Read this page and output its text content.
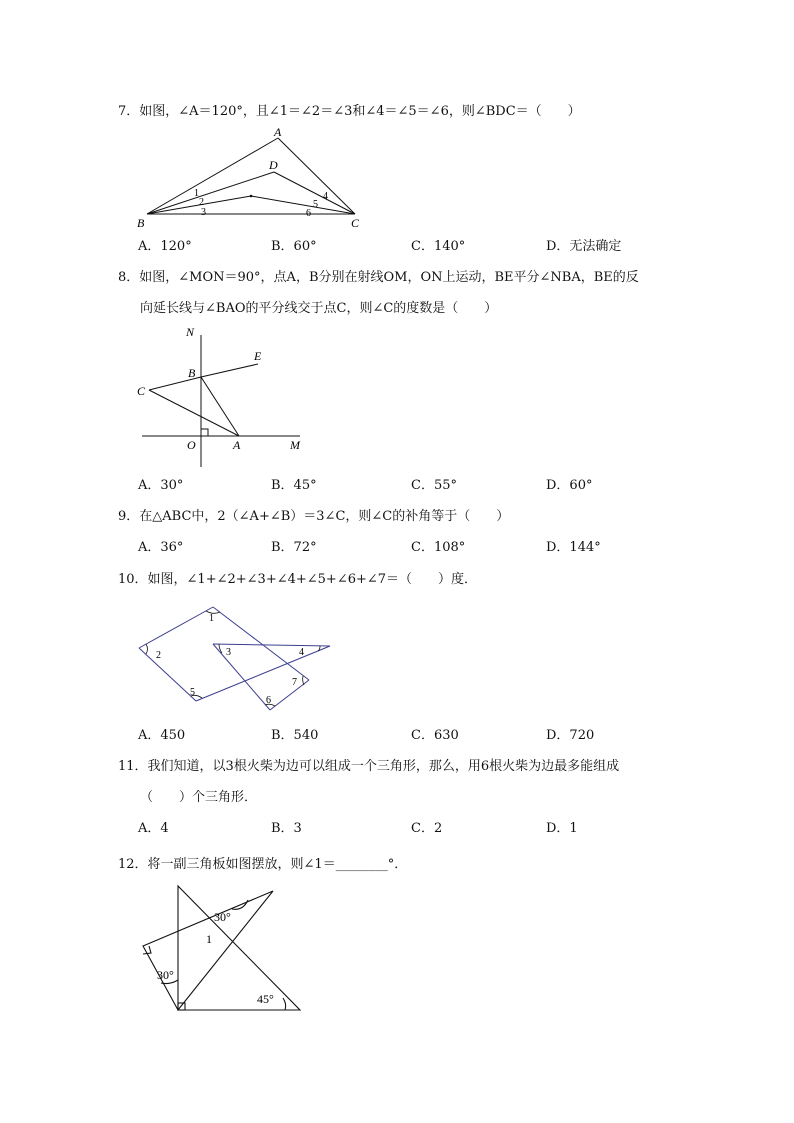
7．如图，∠A＝120°，且∠1＝∠2＝∠3和∠4＝∠5＝∠6，则∠BDC＝（　　）
A
D
B	C
1
2
3
4
5
6
A．120°	B．60°	C．140°	D．无法确定
8．如图，∠MON＝90°，点A，B分别在射线OM，ON上运动，BE平分∠NBA，BE的反
向延长线与∠BAO的平分线交于点C，则∠C的度数是（　　）
N
E
B
C
O	A	M
A．30°	B．45°	C．55°	D．60°
9．在△ABC中，2（∠A+∠B）＝3∠C，则∠C的补角等于（　　）
A．36°	B．72°	C．108°	D．144°
10．如图，∠1+∠2+∠3+∠4+∠5+∠6+∠7＝（　　）度．
1
2	3	4
5
6
7
A．450	B．540	C．630	D．720
11．我们知道，以3根火柴为边可以组成一个三角形，那么，用6根火柴为边最多能组成
（　　）个三角形．
A．4	B．3	C．2	D．1
12．将一副三角板如图摆放，则∠1＝________°．
30°
1
30°
45°
